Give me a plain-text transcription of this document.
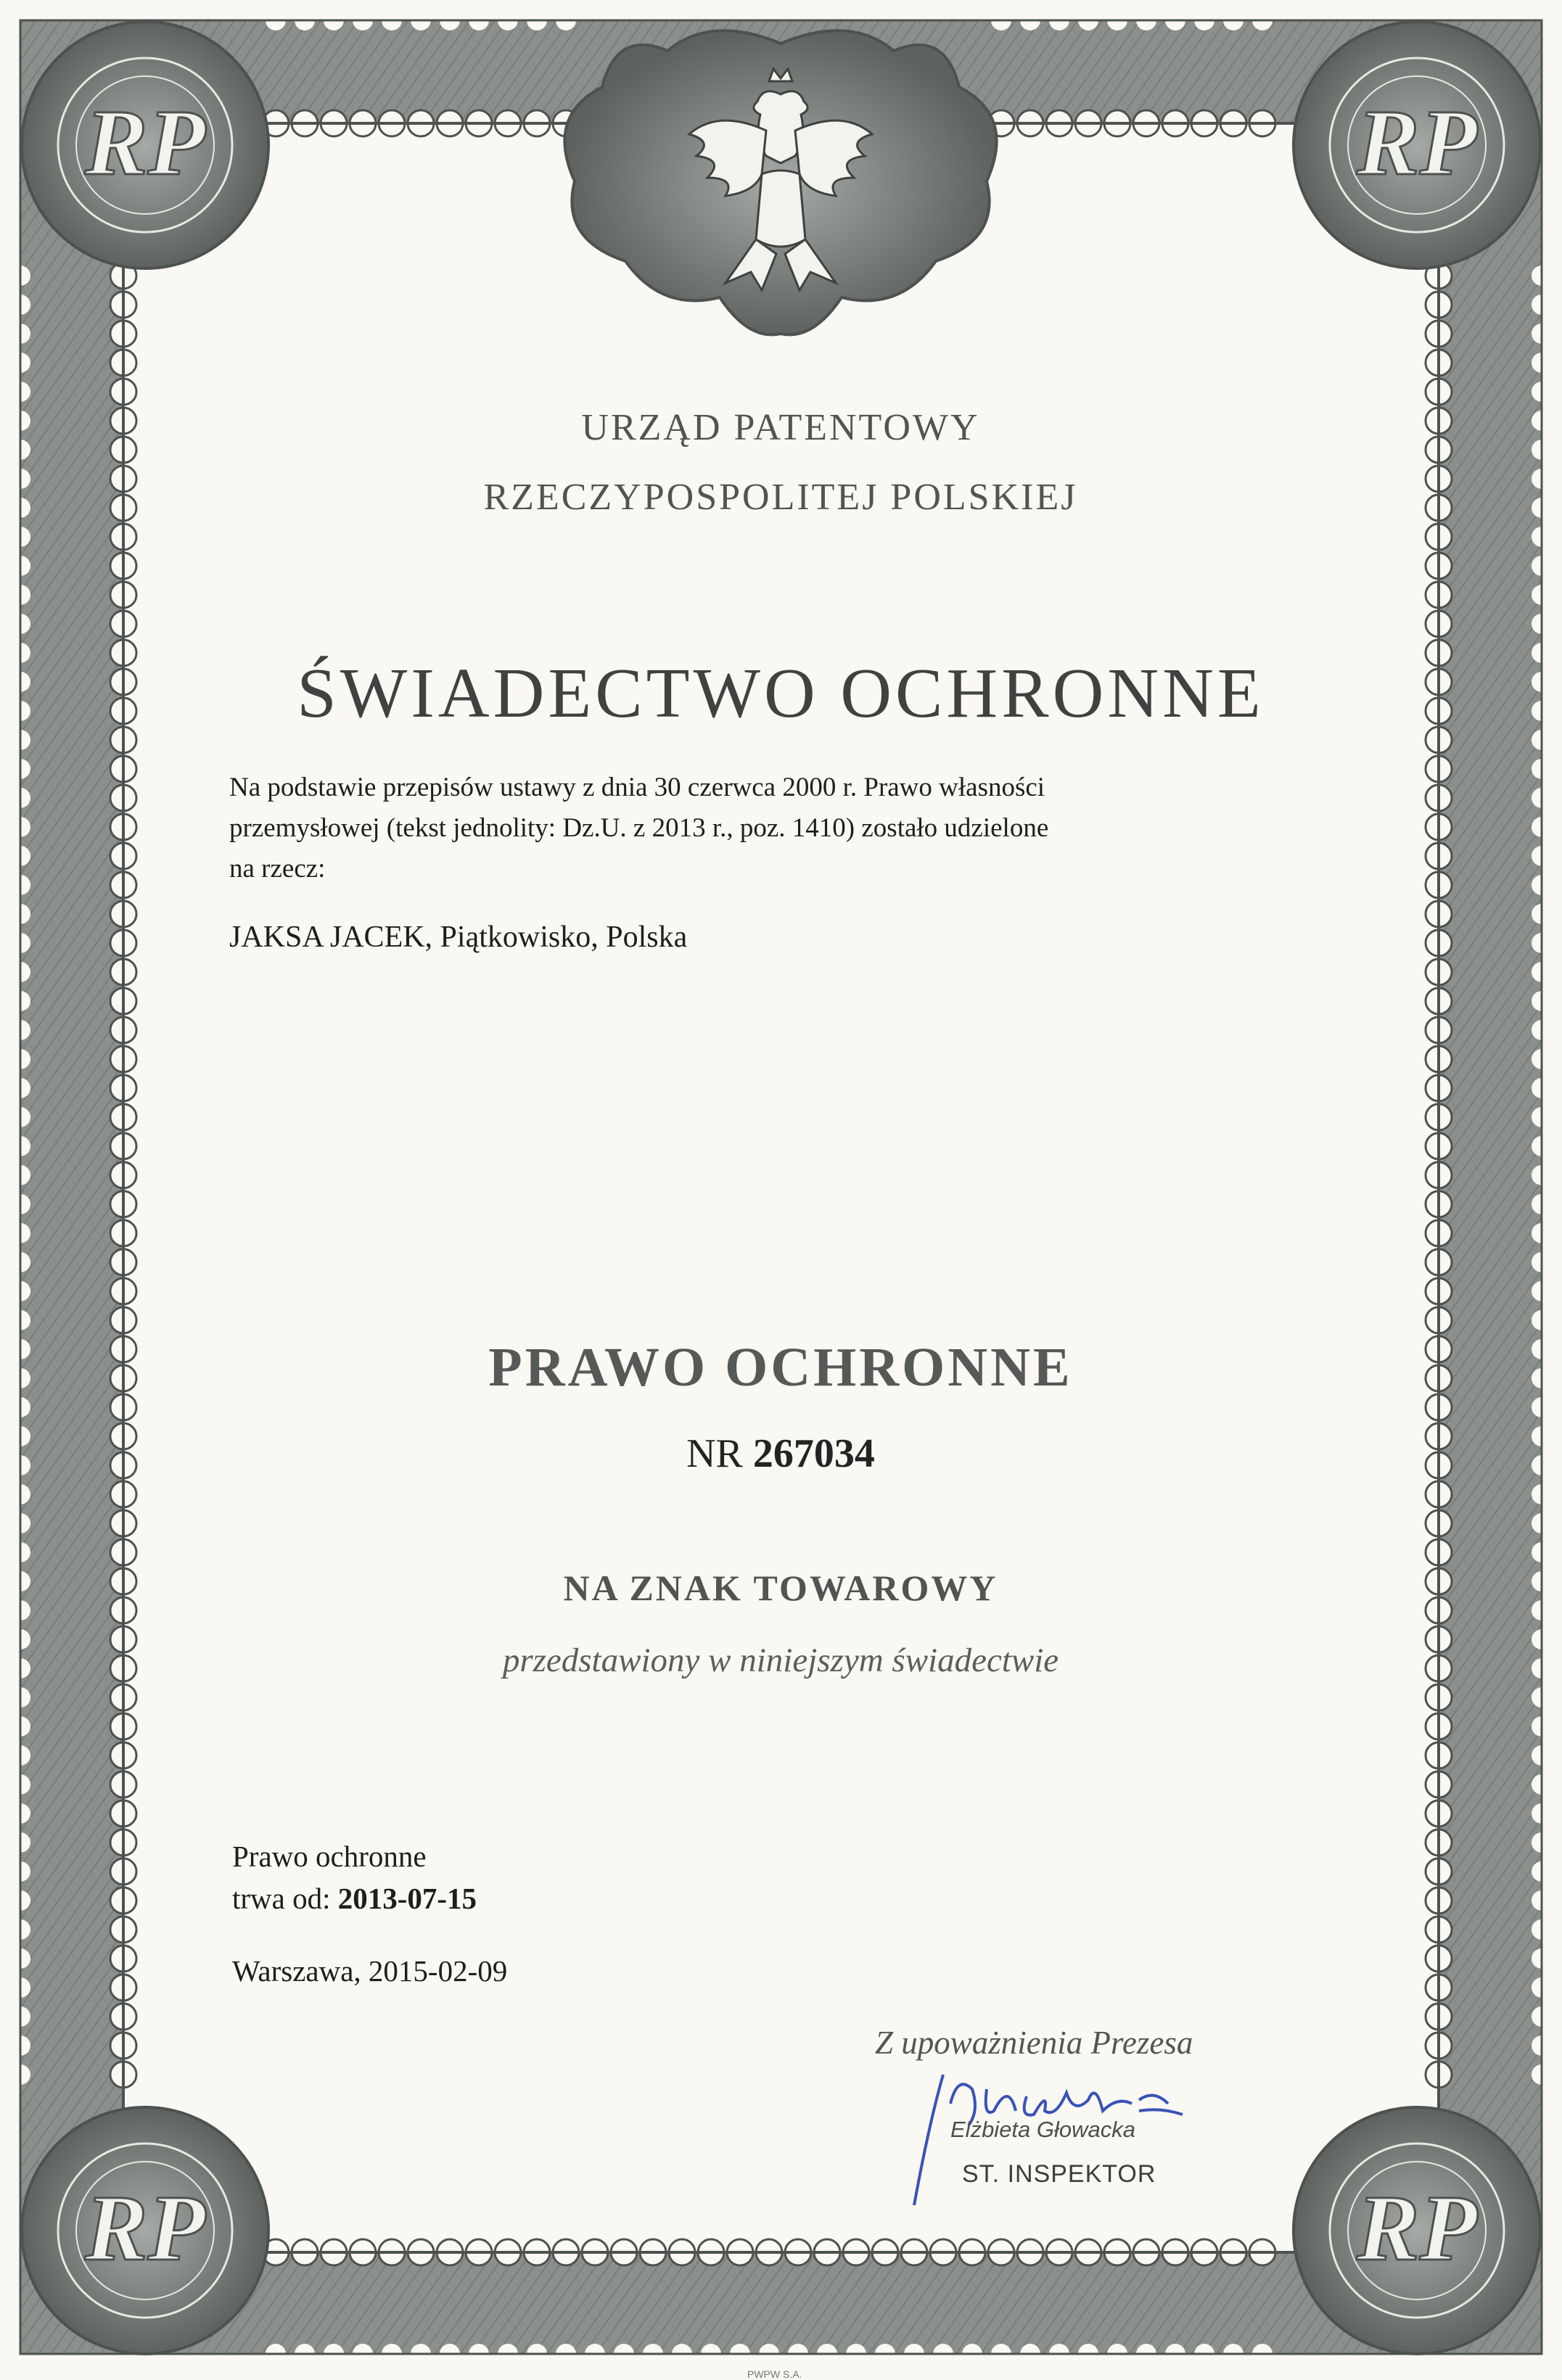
RP	RP
RP	RP
URZĄD PATENTOWY
RZECZYPOSPOLITEJ POLSKIEJ
ŚWIADECTWO OCHRONNE
Na podstawie przepisów ustawy z dnia 30 czerwca 2000 r. Prawo własności
przemysłowej (tekst jednolity: Dz.U. z 2013 r., poz. 1410) zostało udzielone
na rzecz:
JAKSA JACEK, Piątkowisko, Polska
PRAWO OCHRONNE
NR 267034
NA ZNAK TOWAROWY
przedstawiony w niniejszym świadectwie
Prawo ochronne
trwa od: 2013-07-15
Warszawa, 2015-02-09
Z upoważnienia Prezesa
Elżbieta Głowacka
ST. INSPEKTOR
PWPW S.A.
